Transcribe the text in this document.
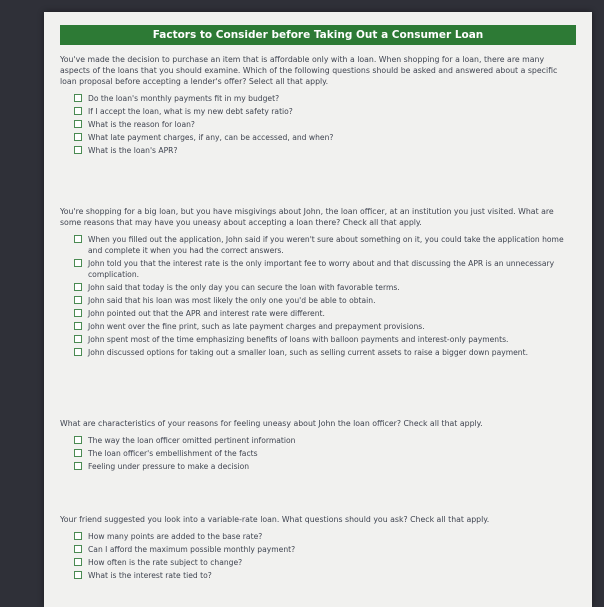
Factors to Consider before Taking Out a Consumer Loan

You've made the decision to purchase an item that is affordable only with a loan. When shopping for a loan, there are many aspects of the loans that you should examine. Which of the following questions should be asked and answered about a specific loan proposal before accepting a lender's offer? Select all that apply.

Do the loan's monthly payments fit in my budget?
If I accept the loan, what is my new debt safety ratio?
What is the reason for loan?
What late payment charges, if any, can be accessed, and when?
What is the loan's APR?

You're shopping for a big loan, but you have misgivings about John, the loan officer, at an institution you just visited. What are some reasons that may have you uneasy about accepting a loan there? Check all that apply.

When you filled out the application, John said if you weren't sure about something on it, you could take the application home and complete it when you had the correct answers.
John told you that the interest rate is the only important fee to worry about and that discussing the APR is an unnecessary complication.
John said that today is the only day you can secure the loan with favorable terms.
John said that his loan was most likely the only one you'd be able to obtain.
John pointed out that the APR and interest rate were different.
John went over the fine print, such as late payment charges and prepayment provisions.
John spent most of the time emphasizing benefits of loans with balloon payments and interest-only payments.
John discussed options for taking out a smaller loan, such as selling current assets to raise a bigger down payment.

What are characteristics of your reasons for feeling uneasy about John the loan officer? Check all that apply.

The way the loan officer omitted pertinent information
The loan officer's embellishment of the facts
Feeling under pressure to make a decision

Your friend suggested you look into a variable-rate loan. What questions should you ask? Check all that apply.

How many points are added to the base rate?
Can I afford the maximum possible monthly payment?
How often is the rate subject to change?
What is the interest rate tied to?
